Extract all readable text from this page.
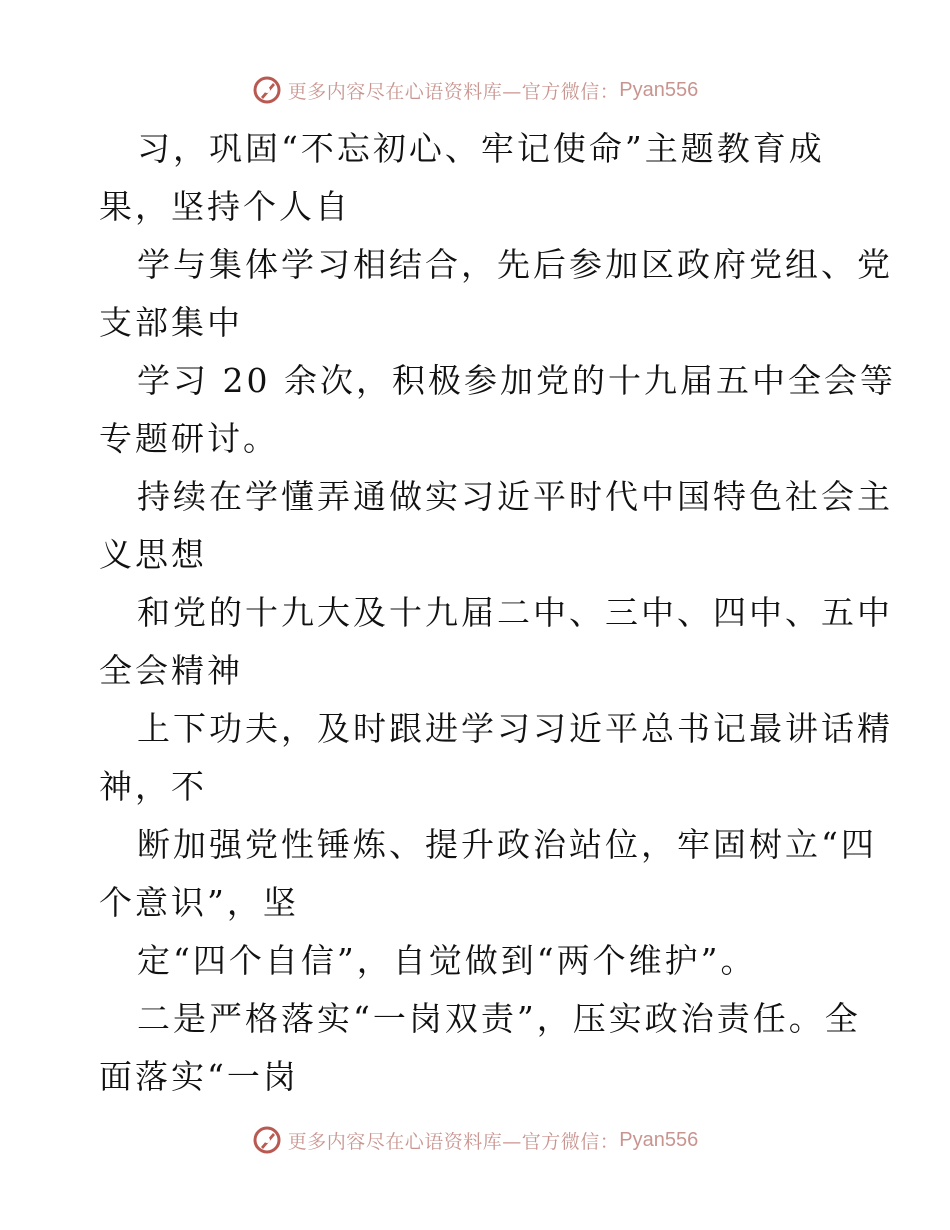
更多内容尽在心语资料库—官方微信： Pyan556
习，巩固“不忘初心、牢记使命”主题教育成
果，坚持个人自
学与集体学习相结合，先后参加区政府党组、党
支部集中
学习 20 余次，积极参加党的十九届五中全会等
专题研讨。
持续在学懂弄通做实习近平时代中国特色社会主
义思想
和党的十九大及十九届二中、三中、四中、五中
全会精神
上下功夫，及时跟进学习习近平总书记最讲话精
神，不
断加强党性锤炼、提升政治站位，牢固树立“四
个意识”，坚
定“四个自信”，自觉做到“两个维护”。
二是严格落实“一岗双责”，压实政治责任。全
面落实“一岗
更多内容尽在心语资料库—官方微信： Pyan556
